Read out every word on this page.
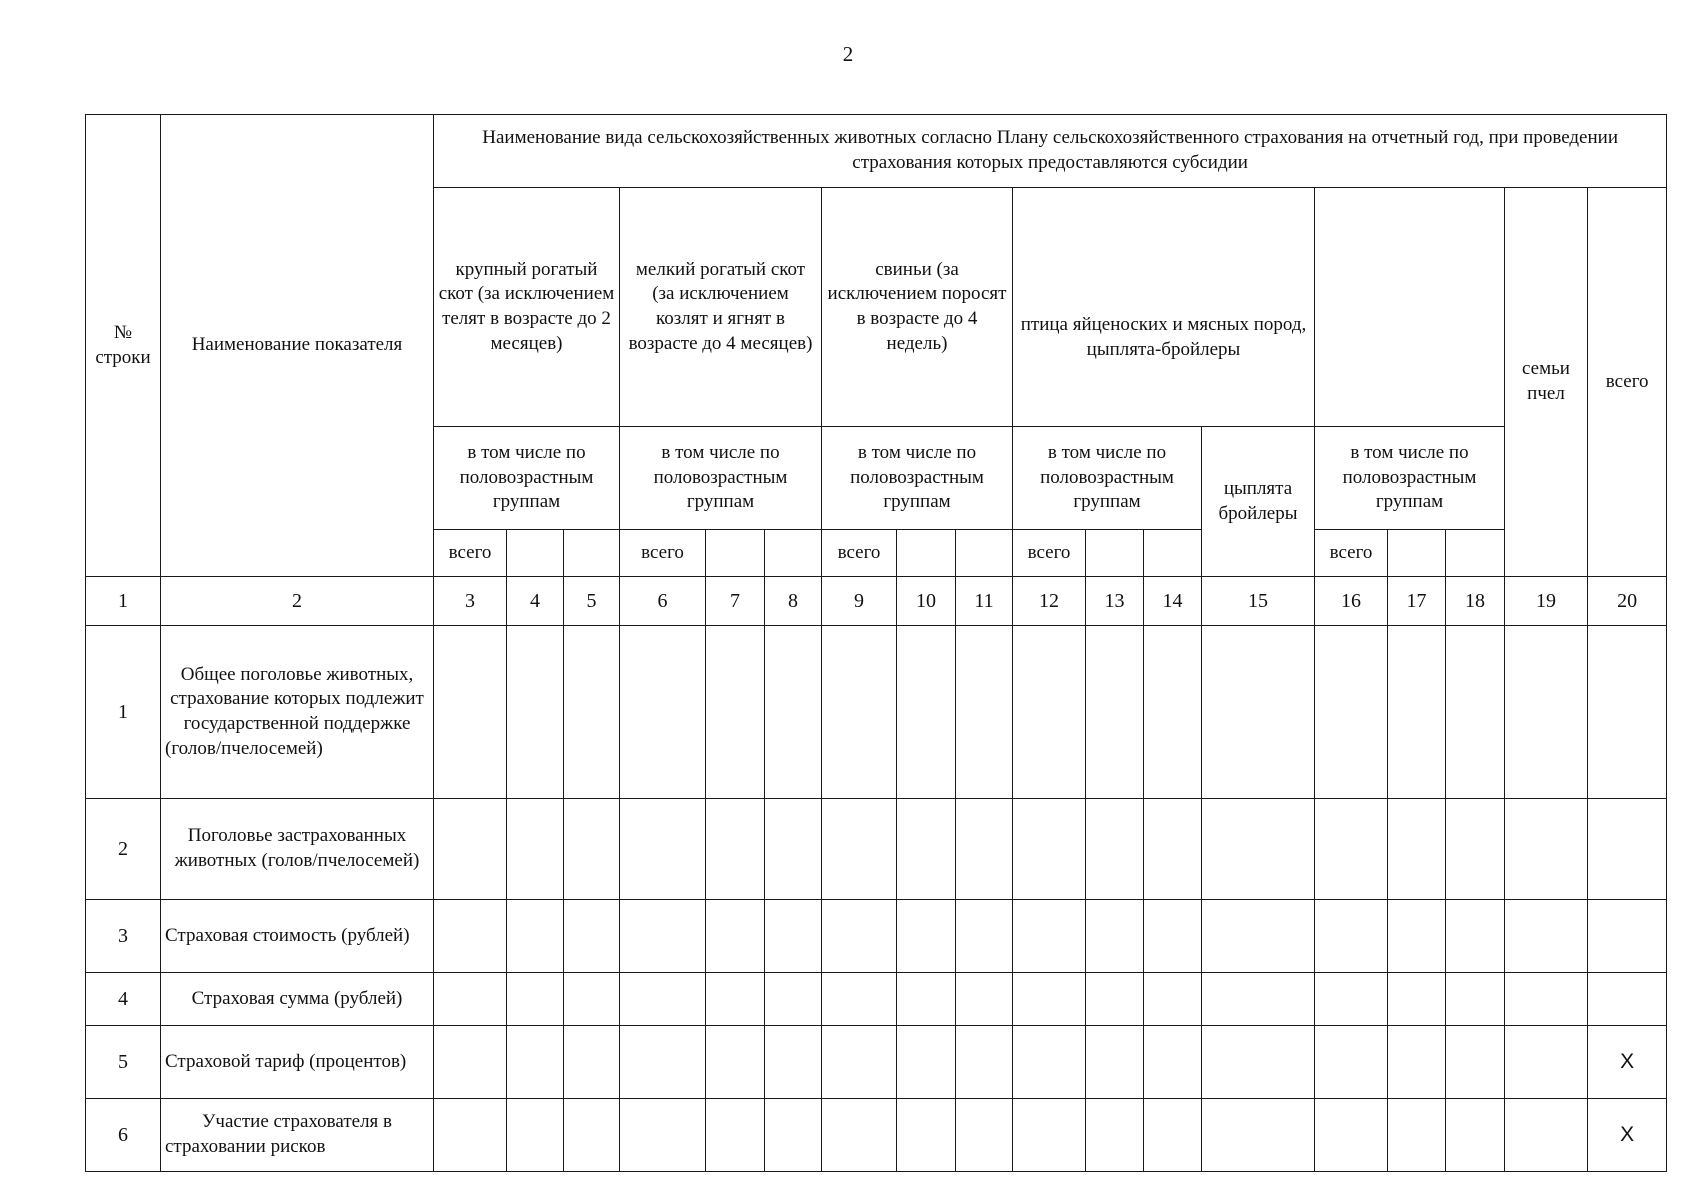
2
№ строки	Наименование показателя	Наименование вида сельскохозяйственных животных согласно Плану сельскохозяйственного страхования на отчетный год, при проведении страхования которых предоставляются субсидии																	
		крупный рогатый скот (за исключением телят в возрасте до 2 месяцев)			мелкий рогатый скот (за исключением козлят и ягнят в возрасте до 4 месяцев)			свиньи (за исключением поросят в возрасте до 4 недель)			птица яйценоских и мясных пород, цыплята-бройлеры							семьи пчел	всего
		в том числе по половозрастным группам			в том числе по половозрастным группам			в том числе по половозрастным группам			в том числе по половозрастным группам			цыплята бройлеры	в том числе по половозрастным группам				
		всего			всего			всего			всего				всего				
1	2	3	4	5	6	7	8	9	10	11	12	13	14	15	16	17	18	19	20
1	Общее поголовье животных, страхование которых подлежит государственной поддержке (голов/пчелосемей)																		
2	Поголовье застрахованных животных (голов/пчелосемей)																		
3	Страховая стоимость (рублей)																		
4	Страховая сумма (рублей)																		
5	Страховой тариф (процентов)																		X
6	Участие страхователя в страховании рисков																		X
